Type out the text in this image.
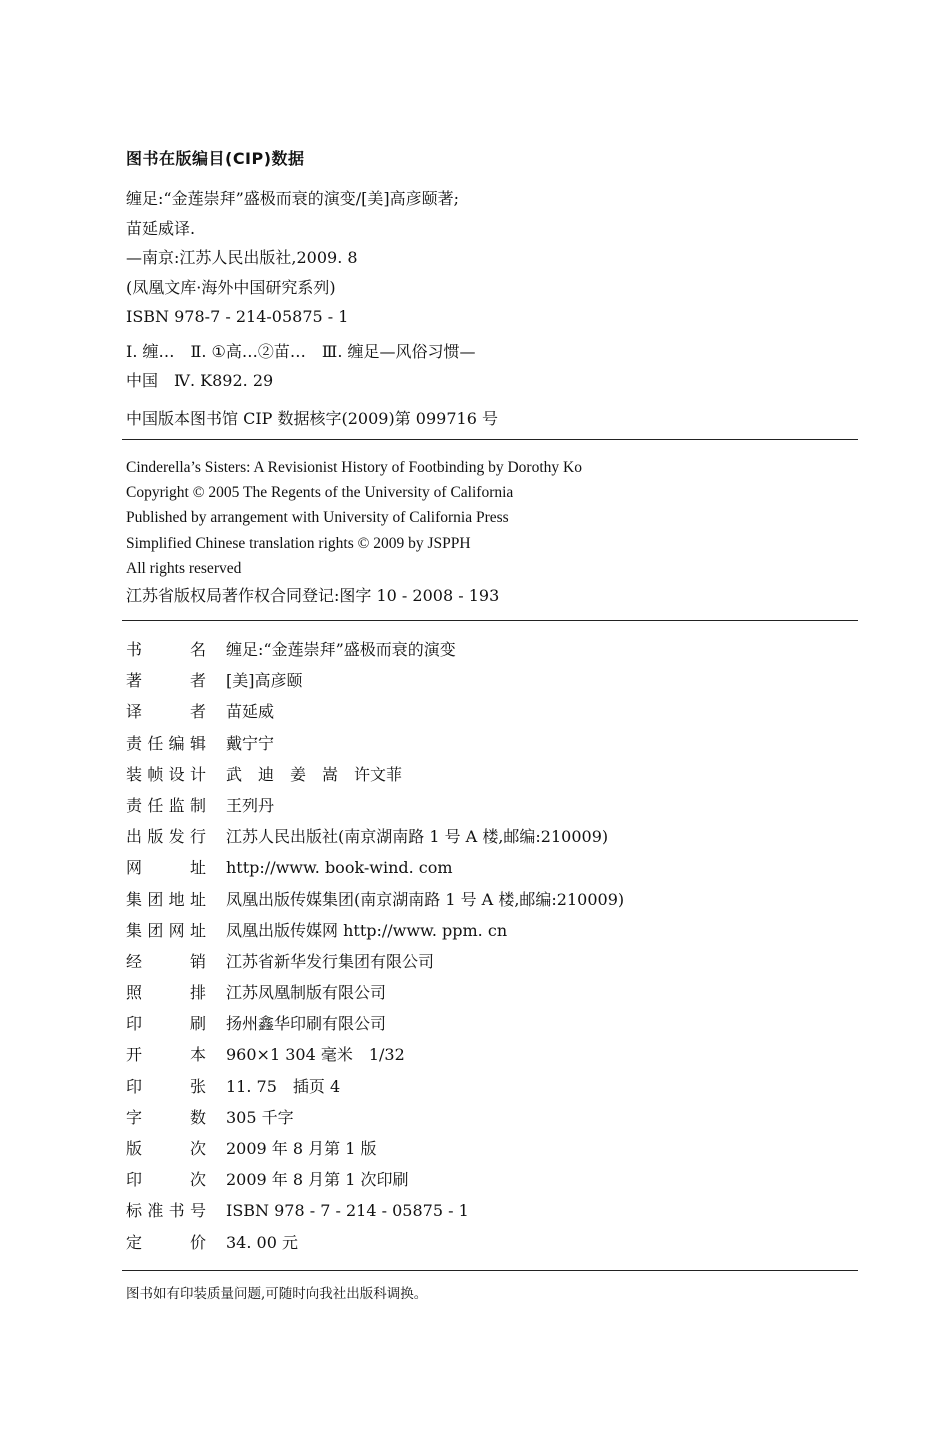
图书在版编目(CIP)数据
缠足:“金莲崇拜”盛极而衰的演变/[美]高彦颐著;
苗延威译.
—南京:江苏人民出版社,2009. 8
(凤凰文库·海外中国研究系列)
ISBN 978-7 - 214-05875 - 1
Ⅰ. 缠…　Ⅱ. ①高…②苗…　Ⅲ. 缠足—风俗习惯—
中国　Ⅳ. K892. 29
中国版本图书馆 CIP 数据核字(2009)第 099716 号
Cinderella’s Sisters: A Revisionist History of Footbinding by Dorothy Ko
Copyright © 2005 The Regents of the University of California
Published by arrangement with University of California Press
Simplified Chinese translation rights © 2009 by JSPPH
All rights reserved
江苏省版权局著作权合同登记:图字 10 - 2008 - 193
书名 缠足:“金莲崇拜”盛极而衰的演变
著者 [美]高彦颐
译者 苗延威
责任编辑 戴宁宁
装帧设计 武　迪　姜　嵩　许文菲
责任监制 王列丹
出版发行 江苏人民出版社(南京湖南路 1 号 A 楼,邮编:210009)
网址 http://www. book-wind. com
集团地址 凤凰出版传媒集团(南京湖南路 1 号 A 楼,邮编:210009)
集团网址 凤凰出版传媒网 http://www. ppm. cn
经销 江苏省新华发行集团有限公司
照排 江苏凤凰制版有限公司
印刷 扬州鑫华印刷有限公司
开本 960×1 304 毫米　1/32
印张 11. 75　插页 4
字数 305 千字
版次 2009 年 8 月第 1 版
印次 2009 年 8 月第 1 次印刷
标准书号 ISBN 978 - 7 - 214 - 05875 - 1
定价 34. 00 元

图书如有印装质量问题,可随时向我社出版科调换。
